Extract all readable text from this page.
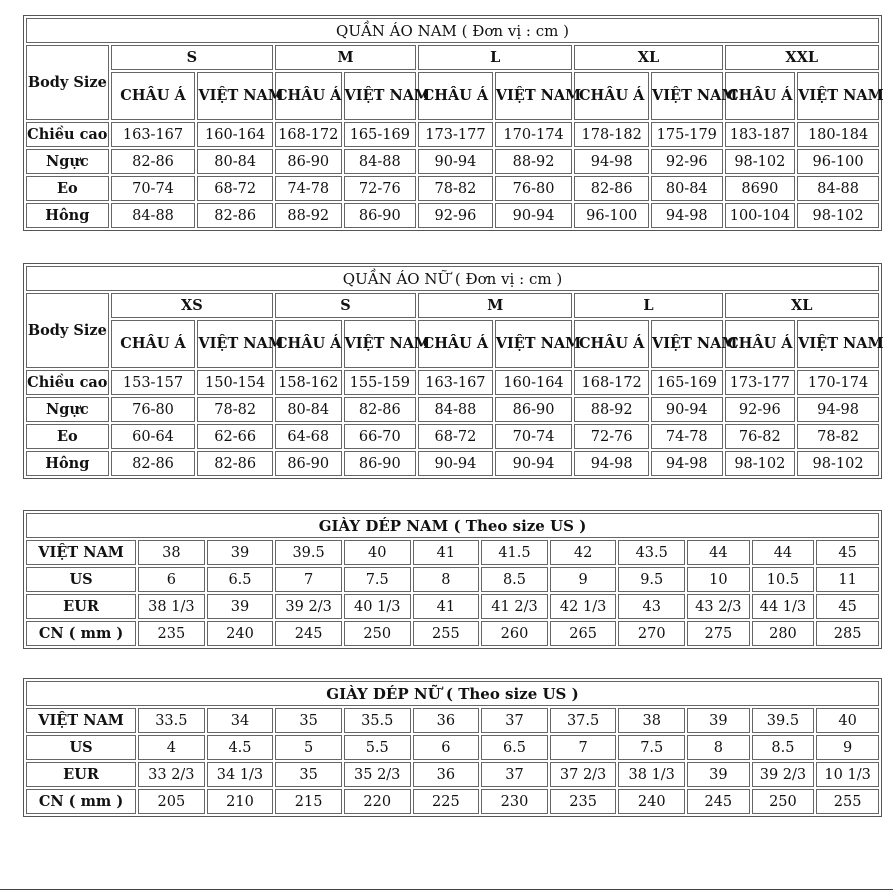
QUẦN ÁO NAM ( Đơn vị : cm )										
Body Size	S		M		L		XL		XXL	
	CHÂU Á	VIỆT NAM	CHÂU Á	VIỆT NAM	CHÂU Á	VIỆT NAM	CHÂU Á	VIỆT NAM	CHÂU Á	VIỆT NAM
Chiều cao	163-167	160-164	168-172	165-169	173-177	170-174	178-182	175-179	183-187	180-184
Ngực	82-86	80-84	86-90	84-88	90-94	88-92	94-98	92-96	98-102	96-100
Eo	70-74	68-72	74-78	72-76	78-82	76-80	82-86	80-84	8690	84-88
Hông	84-88	82-86	88-92	86-90	92-96	90-94	96-100	94-98	100-104	98-102
QUẦN ÁO NỮ ( Đơn vị : cm )										
Body Size	XS		S		M		L		XL	
	CHÂU Á	VIỆT NAM	CHÂU Á	VIỆT NAM	CHÂU Á	VIỆT NAM	CHÂU Á	VIỆT NAM	CHÂU Á	VIỆT NAM
Chiều cao	153-157	150-154	158-162	155-159	163-167	160-164	168-172	165-169	173-177	170-174
Ngực	76-80	78-82	80-84	82-86	84-88	86-90	88-92	90-94	92-96	94-98
Eo	60-64	62-66	64-68	66-70	68-72	70-74	72-76	74-78	76-82	78-82
Hông	82-86	82-86	86-90	86-90	90-94	90-94	94-98	94-98	98-102	98-102
GIÀY DÉP NAM ( Theo size US )											
VIỆT NAM	38	39	39.5	40	41	41.5	42	43.5	44	44	45
US	6	6.5	7	7.5	8	8.5	9	9.5	10	10.5	11
EUR	38 1/3	39	39 2/3	40 1/3	41	41 2/3	42 1/3	43	43 2/3	44 1/3	45
CN ( mm )	235	240	245	250	255	260	265	270	275	280	285
GIÀY DÉP NỮ ( Theo size US )											
VIỆT NAM	33.5	34	35	35.5	36	37	37.5	38	39	39.5	40
US	4	4.5	5	5.5	6	6.5	7	7.5	8	8.5	9
EUR	33 2/3	34 1/3	35	35 2/3	36	37	37 2/3	38 1/3	39	39 2/3	10 1/3
CN ( mm )	205	210	215	220	225	230	235	240	245	250	255
